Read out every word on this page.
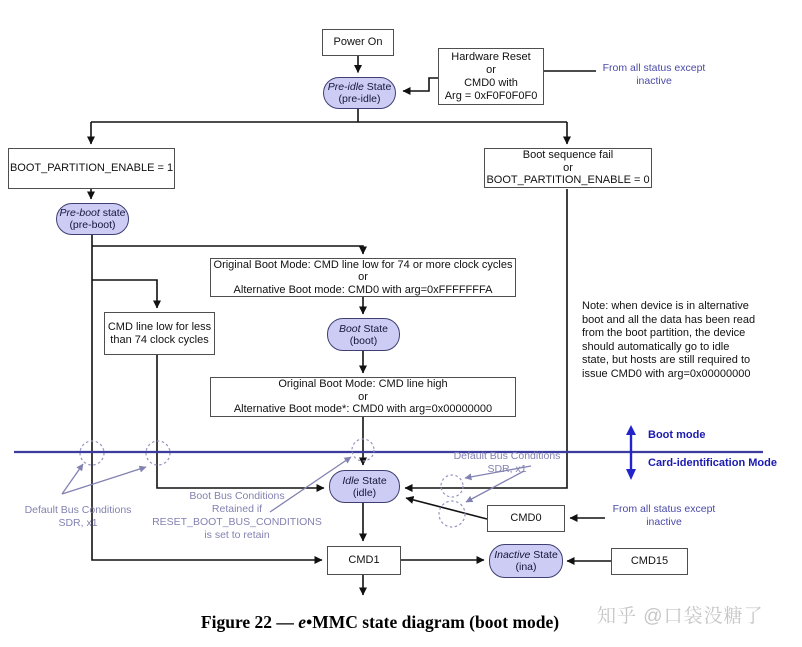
Power On
Hardware Reset
or
CMD0 with
Arg = 0xF0F0F0F0
BOOT_PARTITION_ENABLE = 1
Boot sequence fail
or
BOOT_PARTITION_ENABLE = 0
Original Boot Mode: CMD line low for 74 or more clock cycles
or
Alternative Boot mode: CMD0 with arg=0xFFFFFFFA
CMD line low for less
than 74 clock cycles
Original Boot Mode: CMD line high
or
Alternative Boot mode*: CMD0 with arg=0x00000000
CMD0
CMD1	CMD15
Pre-idle State
(pre-idle)
Pre-boot state
(pre-boot)
Boot State
(boot)
Idle State
(idle)
Inactive State
(ina)
From all status except
inactive
From all status except
inactive
Note: when device is in alternative
boot and all the data has been read
from the boot partition, the device
should automatically go to idle
state, but hosts are still required to
issue CMD0 with arg=0x00000000
Boot mode
Card-identification Mode
Default Bus Conditions
SDR, x1
Default Bus Conditions
SDR, x1
Boot Bus Conditions
Retained if
RESET_BOOT_BUS_CONDITIONS
is set to retain
Figure 22 — e•MMC state diagram (boot mode)	知乎 @口袋没糖了
